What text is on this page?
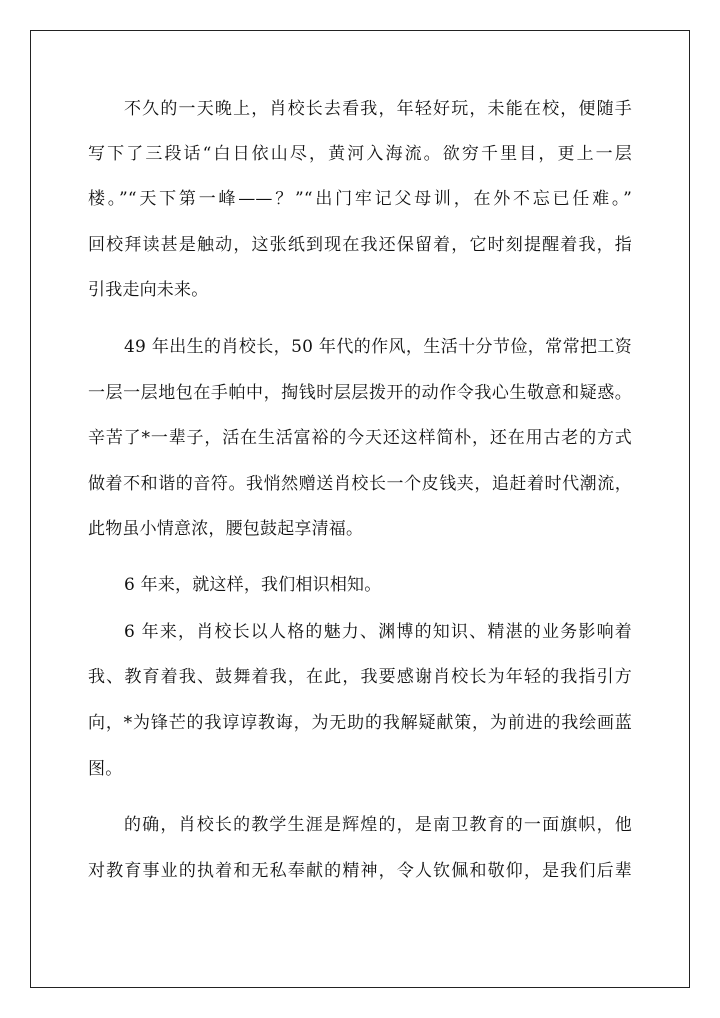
不久的一天晚上，肖校长去看我，年轻好玩，未能在校，便随手
写下了三段话“白日依山尽，黄河入海流。欲穷千里目，更上一层
楼。”“天下第一峰——？”“出门牢记父母训，在外不忘已任难。”
回校拜读甚是触动，这张纸到现在我还保留着，它时刻提醒着我，指
引我走向未来。
49 年出生的肖校长，50 年代的作风，生活十分节俭，常常把工资
一层一层地包在手帕中，掏钱时层层拨开的动作令我心生敬意和疑惑。
辛苦了*一辈子，活在生活富裕的今天还这样简朴，还在用古老的方式
做着不和谐的音符。我悄然赠送肖校长一个皮钱夹，追赶着时代潮流，
此物虽小情意浓，腰包鼓起享清福。
6 年来，就这样，我们相识相知。
6 年来，肖校长以人格的魅力、渊博的知识、精湛的业务影响着
我、教育着我、鼓舞着我，在此，我要感谢肖校长为年轻的我指引方
向，*为锋芒的我谆谆教诲，为无助的我解疑献策，为前进的我绘画蓝
图。
的确，肖校长的教学生涯是辉煌的，是南卫教育的一面旗帜，他
对教育事业的执着和无私奉献的精神，令人钦佩和敬仰，是我们后辈
